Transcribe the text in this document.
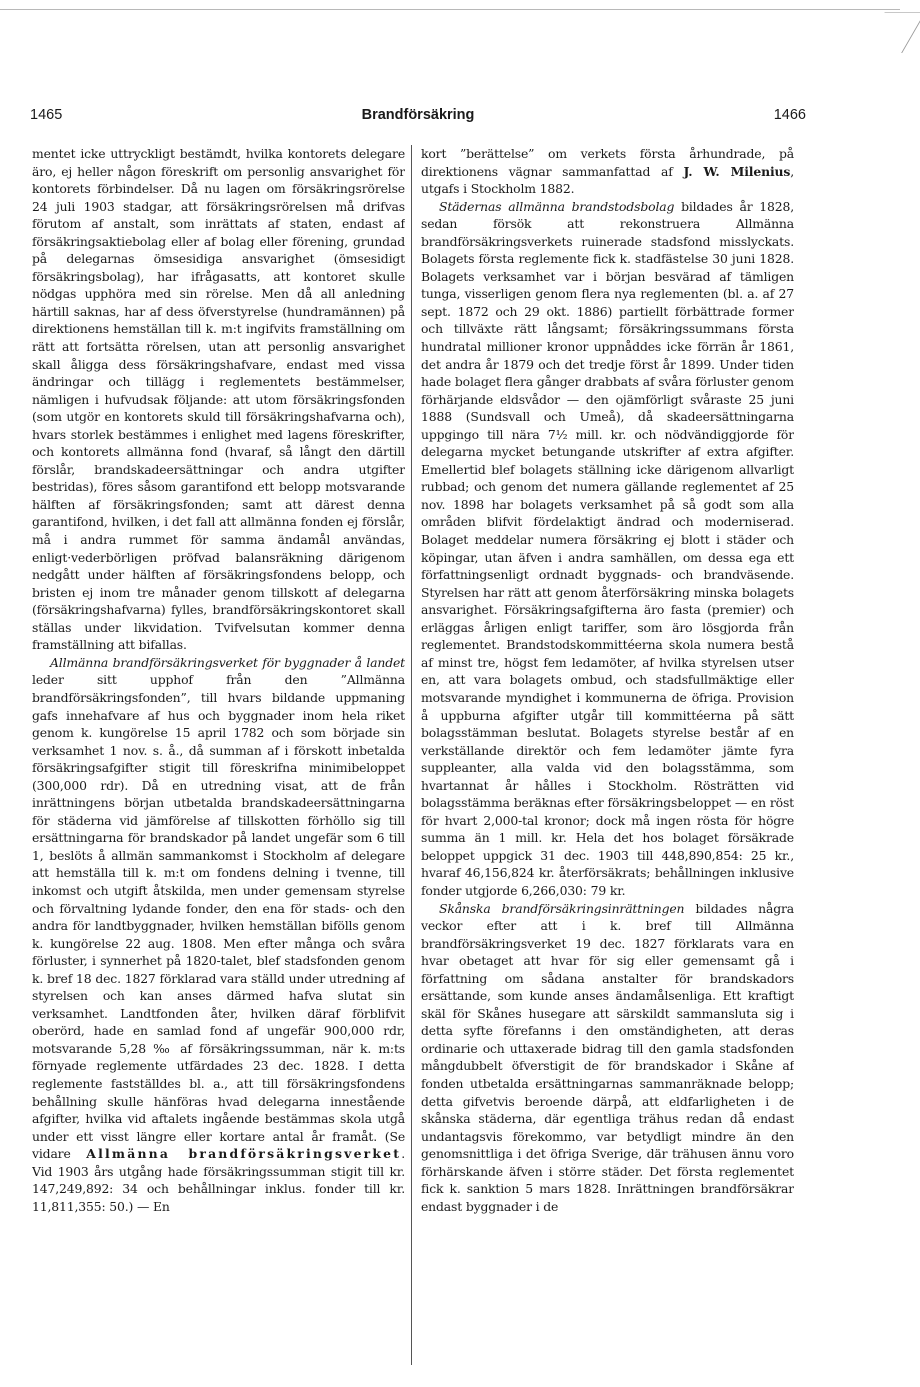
1465	Brandförsäkring	1466

mentet icke uttryckligt bestämdt, hvilka kontorets delegare äro, ej heller någon föreskrift om personlig ansvarighet för kontorets förbindelser. Då nu lagen om försäkringsrörelse 24 juli 1903 stadgar, att försäkringsrörelsen må drifvas förutom af anstalt, som inrättats af staten, endast af försäkringsaktiebolag eller af bolag eller förening, grundad på delegarnas ömsesidiga ansvarighet (ömsesidigt försäkringsbolag), har ifrågasatts, att kontoret skulle nödgas upphöra med sin rörelse. Men då all anledning härtill saknas, har af dess öfverstyrelse (hundramännen) på direktionens hemställan till k. m:t ingifvits framställning om rätt att fortsätta rörelsen, utan att personlig ansvarighet skall åligga dess försäkringshafvare, endast med vissa ändringar och tillägg i reglementets bestämmelser, nämligen i hufvudsak följande: att utom försäkringsfonden (som utgör en kontorets skuld till försäkringshafvarna och), hvars storlek bestämmes i enlighet med lagens föreskrifter, och kontorets allmänna fond (hvaraf, så långt den därtill förslår, brandskadeersättningar och andra utgifter bestridas), föres såsom garantifond ett belopp motsvarande hälften af försäkringsfonden; samt att därest denna garantifond, hvilken, i det fall att allmänna fonden ej förslår, må i andra rummet för samma ändamål användas, enligt·vederbörligen pröfvad balansräkning därigenom nedgått under hälften af försäkringsfondens belopp, och bristen ej inom tre månader genom tillskott af delegarna (försäkringshafvarna) fylles, brandförsäkringskontoret skall ställas under likvidation. Tvifvelsutan kommer denna framställning att bifallas.

Allmänna brandförsäkringsverket för byggnader å landet leder sitt upphof från den ”Allmänna brandförsäkringsfonden”, till hvars bildande uppmaning gafs innehafvare af hus och byggnader inom hela riket genom k. kungörelse 15 april 1782 och som började sin verksamhet 1 nov. s. å., då summan af i förskott inbetalda försäkringsafgifter stigit till föreskrifna minimibeloppet (300,000 rdr). Då en utredning visat, att de från inrättningens början utbetalda brandskadeersättningarna för städerna vid jämförelse af tillskotten förhöllo sig till ersättningarna för brandskador på landet ungefär som 6 till 1, beslöts å allmän sammankomst i Stockholm af delegare att hemställa till k. m:t om fondens delning i tvenne, till inkomst och utgift åtskilda, men under gemensam styrelse och förvaltning lydande fonder, den ena för stads- och den andra för landtbyggnader, hvilken hemställan bifölls genom k. kungörelse 22 aug. 1808. Men efter många och svåra förluster, i synnerhet på 1820-talet, blef stadsfonden genom k. bref 18 dec. 1827 förklarad vara ställd under utredning af styrelsen och kan anses därmed hafva slutat sin verksamhet. Landtfonden åter, hvilken däraf förblifvit oberörd, hade en samlad fond af ungefär 900,000 rdr, motsvarande 5,28 ‰ af försäkringssumman, när k. m:ts förnyade reglemente utfärdades 23 dec. 1828. I detta reglemente fastställdes bl. a., att till försäkringsfondens behållning skulle hänföras hvad delegarna innestående afgifter, hvilka vid aftalets ingående bestämmas skola utgå under ett visst längre eller kortare antal år framåt. (Se vidare Allmänna brandförsäkringsverket. Vid 1903 års utgång hade försäkringssumman stigit till kr. 147,249,892: 34 och behållningar inklus. fonder till kr. 11,811,355: 50.) — En

kort ”berättelse” om verkets första århundrade, på direktionens vägnar sammanfattad af J. W. Milenius, utgafs i Stockholm 1882.

Städernas allmänna brandstodsbolag bildades år 1828, sedan försök att rekonstruera Allmänna brandförsäkringsverkets ruinerade stadsfond misslyckats. Bolagets första reglemente fick k. stadfästelse 30 juni 1828. Bolagets verksamhet var i början besvärad af tämligen tunga, visserligen genom flera nya reglementen (bl. a. af 27 sept. 1872 och 29 okt. 1886) partiellt förbättrade former och tillväxte rätt långsamt; försäkringssummans första hundratal millioner kronor uppnåddes icke förrän år 1861, det andra år 1879 och det tredje först år 1899. Under tiden hade bolaget flera gånger drabbats af svåra förluster genom förhärjande eldsvådor — den ojämförligt svåraste 25 juni 1888 (Sundsvall och Umeå), då skadeersättningarna uppgingo till nära 7½ mill. kr. och nödvändiggjorde för delegarna mycket betungande utskrifter af extra afgifter. Emellertid blef bolagets ställning icke därigenom allvarligt rubbad; och genom det numera gällande reglementet af 25 nov. 1898 har bolagets verksamhet på så godt som alla områden blifvit fördelaktigt ändrad och moderniserad. Bolaget meddelar numera försäkring ej blott i städer och köpingar, utan äfven i andra samhällen, om dessa ega ett författningsenligt ordnadt byggnads- och brandväsende. Styrelsen har rätt att genom återförsäkring minska bolagets ansvarighet. Försäkringsafgifterna äro fasta (premier) och erläggas årligen enligt tariffer, som äro lösgjorda från reglementet. Brandstodskommittéerna skola numera bestå af minst tre, högst fem ledamöter, af hvilka styrelsen utser en, att vara bolagets ombud, och stadsfullmäktige eller motsvarande myndighet i kommunerna de öfriga. Provision å uppburna afgifter utgår till kommittéerna på sätt bolagsstämman beslutat. Bolagets styrelse består af en verkställande direktör och fem ledamöter jämte fyra suppleanter, alla valda vid den bolagsstämma, som hvartannat år hålles i Stockholm. Rösträtten vid bolagsstämma beräknas efter försäkringsbeloppet — en röst för hvart 2,000-tal kronor; dock må ingen rösta för högre summa än 1 mill. kr. Hela det hos bolaget försäkrade beloppet uppgick 31 dec. 1903 till 448,890,854: 25 kr., hvaraf 46,156,824 kr. återförsäkrats; behållningen inklusive fonder utgjorde 6,266,030: 79 kr.

Skånska brandförsäkringsinrättningen bildades några veckor efter att i k. bref till Allmänna brandförsäkringsverket 19 dec. 1827 förklarats vara en hvar obetaget att hvar för sig eller gemensamt gå i författning om sådana anstalter för brandskadors ersättande, som kunde anses ändamålsenliga. Ett kraftigt skäl för Skånes husegare att särskildt sammansluta sig i detta syfte förefanns i den omständigheten, att deras ordinarie och uttaxerade bidrag till den gamla stadsfonden mångdubbelt öfverstigit de för brandskador i Skåne af fonden utbetalda ersättningarnas sammanräknade belopp; detta gifvetvis beroende därpå, att eldfarligheten i de skånska städerna, där egentliga trähus redan då endast undantagsvis förekommo, var betydligt mindre än den genomsnittliga i det öfriga Sverige, där trähusen ännu voro förhärskande äfven i större städer. Det första reglementet fick k. sanktion 5 mars 1828. Inrättningen brandförsäkrar endast byggnader i de
